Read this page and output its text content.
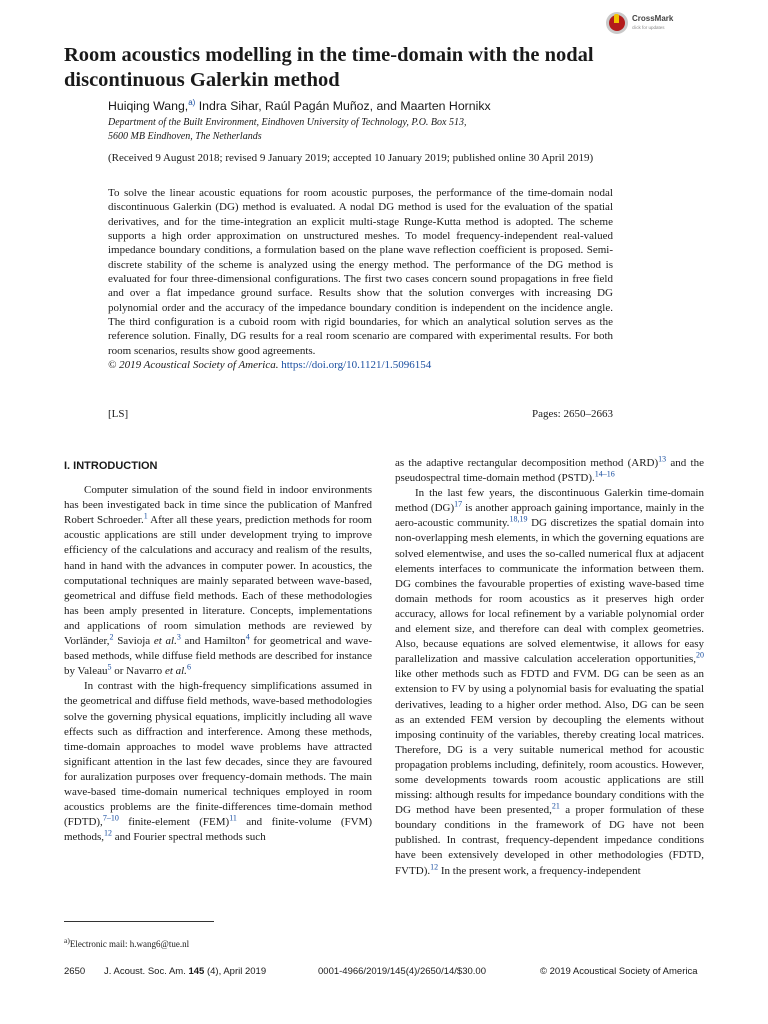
CrossMark
click for updates
Room acoustics modelling in the time-domain with the nodal discontinuous Galerkin method
Huiqing Wang,$^{a)}$ Indra Sihar, Raúl Pagán Muñoz, and Maarten Hornikx
Department of the Built Environment, Eindhoven University of Technology, P.O. Box 513,
5600 MB Eindhoven, The Netherlands
(Received 9 August 2018; revised 9 January 2019; accepted 10 January 2019; published online 30 April 2019)

To solve the linear acoustic equations for room acoustic purposes, the performance of the time-domain nodal discontinuous Galerkin (DG) method is evaluated. A nodal DG method is used for the evaluation of the spatial derivatives, and for the time-integration an explicit multi-stage Runge-Kutta method is adopted. The scheme supports a high order approximation on unstructured meshes. To model frequency-independent real-valued impedance boundary conditions, a formulation based on the plane wave reflection coefficient is proposed. Semi-discrete stability of the scheme is analyzed using the energy method. The performance of the DG method is evaluated for four three-dimensional configurations. The first two cases concern sound propagations in free field and over a flat impedance ground surface. Results show that the solution converges with increasing DG polynomial order and the accuracy of the impedance boundary condition is independent on the incidence angle. The third configuration is a cuboid room with rigid boundaries, for which an analytical solution serves as the reference solution. Finally, DG results for a real room scenario are compared with experimental results. For both room scenarios, results show good agreements.
© 2019 Acoustical Society of America. https://doi.org/10.1121/1.5096154

[LS]	Pages: 2650–2663
I. INTRODUCTION

Computer simulation of the sound field in indoor environments has been investigated back in time since the publication of Manfred Robert Schroeder.$^1$ After all these years, prediction methods for room acoustic applications are still under development trying to improve efficiency of the calculations and accuracy and realism of the results, hand in hand with the advances in computer power. In acoustics, the computational techniques are mainly separated between wave-based, geometrical and diffuse field methods. Each of these methodologies has been amply presented in literature. Concepts, implementations and applications of room simulation methods are reviewed by Vorländer,$^2$ Savioja et al.$^3$ and Hamilton$^4$ for geometrical and wave-based methods, while diffuse field methods are described for instance by Valeau$^5$ or Navarro et al.$^6$

In contrast with the high-frequency simplifications assumed in the geometrical and diffuse field methods, wave-based methodologies solve the governing physical equations, implicitly including all wave effects such as diffraction and interference. Among these methods, time-domain approaches to model wave problems have attracted significant attention in the last few decades, since they are favoured for auralization purposes over frequency-domain methods. The main wave-based time-domain numerical techniques employed in room acoustics problems are the finite-differences time-domain method (FDTD),$^{7-10}$ finite-element (FEM)$^{11}$ and finite-volume (FVM) methods,$^{12}$ and Fourier spectral methods such

as the adaptive rectangular decomposition method (ARD)$^{13}$ and the pseudospectral time-domain method (PSTD).$^{14-16}$

In the last few years, the discontinuous Galerkin time-domain method (DG)$^{17}$ is another approach gaining importance, mainly in the aero-acoustic community.$^{18,19}$ DG discretizes the spatial domain into non-overlapping mesh elements, in which the governing equations are solved elementwise, and uses the so-called numerical flux at adjacent elements interfaces to communicate the information between them. DG combines the favourable properties of existing wave-based time domain methods for room acoustics as it preserves high order accuracy, allows for local refinement by a variable polynomial order and element size, and therefore can deal with complex geometries. Also, because equations are solved elementwise, it allows for easy parallelization and massive calculation acceleration opportunities,$^{20}$ like other methods such as FDTD and FVM. DG can be seen as an extension to FV by using a polynomial basis for evaluating the spatial derivatives, leading to a higher order method. Also, DG can be seen as an extended FEM version by decoupling the elements without imposing continuity of the variables, thereby creating local matrices. Therefore, DG is a very suitable numerical method for acoustic propagation problems including, definitely, room acoustics. However, some developments towards room acoustic applications are still missing: although results for impedance boundary conditions with the DG method have been presented,$^{21}$ a proper formulation of these boundary conditions in the framework of DG have not been published. In contrast, frequency-dependent impedance conditions have been extensively developed in other methodologies (FDTD, FVTD).$^{12}$ In the present work, a frequency-independent

$^{a)}$Electronic mail: h.wang6@tue.nl
2650 J. Acoust. Soc. Am. 145 (4), April 2019	0001-4966/2019/145(4)/2650/14/$30.00	© 2019 Acoustical Society of America
